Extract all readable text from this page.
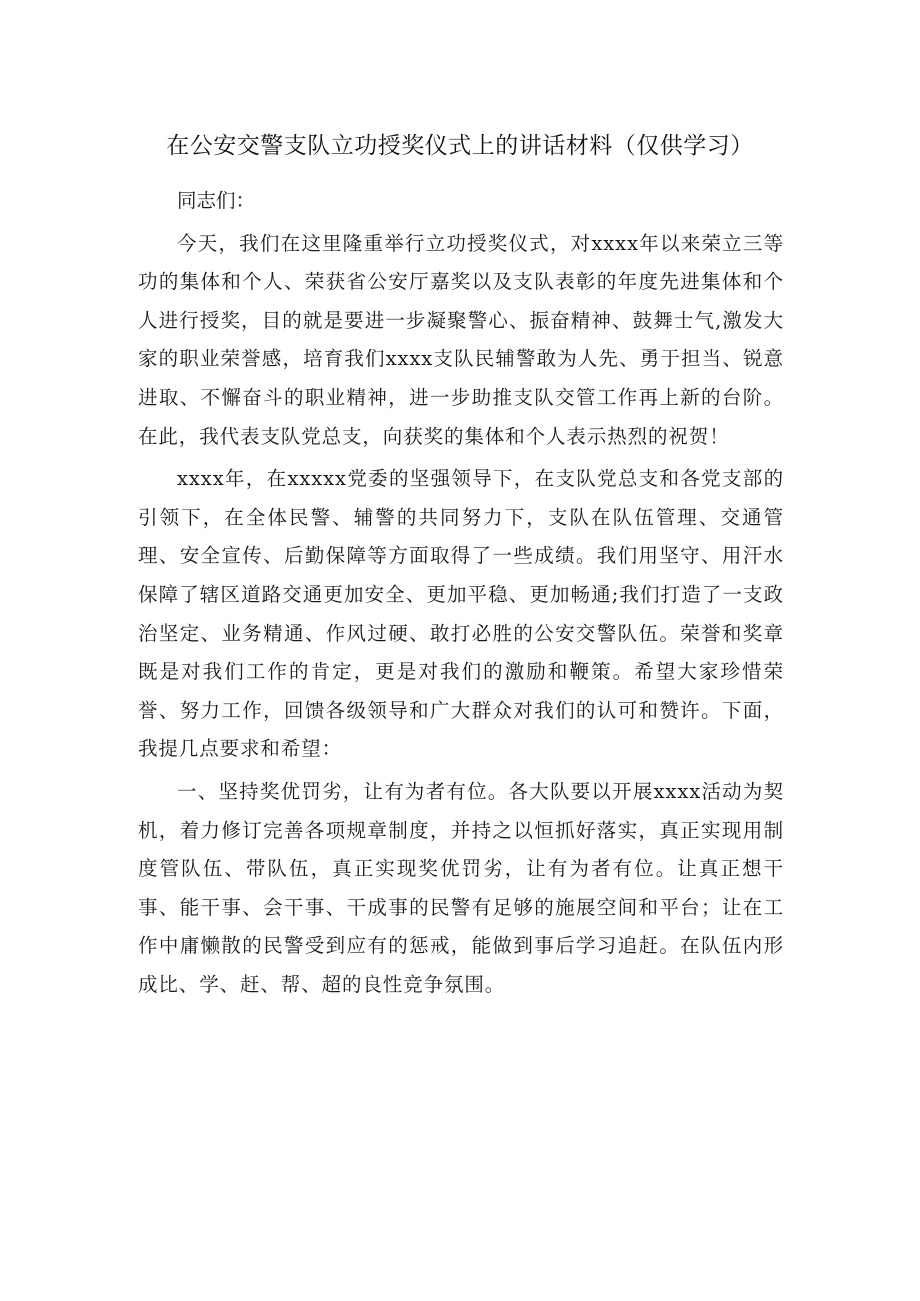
在公安交警支队立功授奖仪式上的讲话材料（仅供学习）

同志们：

今天，我们在这里隆重举行立功授奖仪式，对xxxx年以来荣立三等功的集体和个人、荣获省公安厅嘉奖以及支队表彰的年度先进集体和个人进行授奖，目的就是要进一步凝聚警心、振奋精神、鼓舞士气,激发大家的职业荣誉感，培育我们xxxx支队民辅警敢为人先、勇于担当、锐意进取、不懈奋斗的职业精神，进一步助推支队交管工作再上新的台阶。在此，我代表支队党总支，向获奖的集体和个人表示热烈的祝贺！

xxxx年，在xxxxx党委的坚强领导下，在支队党总支和各党支部的引领下，在全体民警、辅警的共同努力下，支队在队伍管理、交通管理、安全宣传、后勤保障等方面取得了一些成绩。我们用坚守、用汗水保障了辖区道路交通更加安全、更加平稳、更加畅通;我们打造了一支政治坚定、业务精通、作风过硬、敢打必胜的公安交警队伍。荣誉和奖章既是对我们工作的肯定，更是对我们的激励和鞭策。希望大家珍惜荣誉、努力工作，回馈各级领导和广大群众对我们的认可和赞许。下面，我提几点要求和希望：

一、坚持奖优罚劣，让有为者有位。各大队要以开展xxxx活动为契机，着力修订完善各项规章制度，并持之以恒抓好落实，真正实现用制度管队伍、带队伍，真正实现奖优罚劣，让有为者有位。让真正想干事、能干事、会干事、干成事的民警有足够的施展空间和平台；让在工作中庸懒散的民警受到应有的惩戒，能做到事后学习追赶。在队伍内形成比、学、赶、帮、超的良性竞争氛围。
